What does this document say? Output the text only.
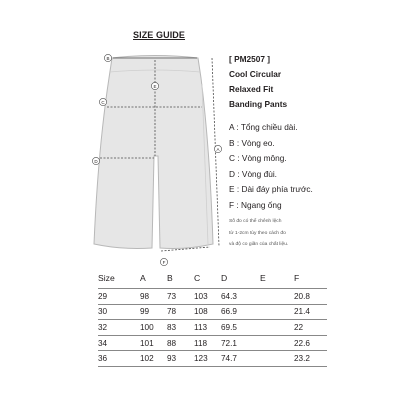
SIZE GUIDE
B
E
C
D
A
F
[ PM2507 ]
Cool Circular
Relaxed Fit
Banding Pants
A : Tổng chiều dài.
B : Vòng eo.
C : Vòng mông.
D : Vòng đùi.
E : Dài đáy phía trước.
F : Ngang ống
Số đo có thể chênh lệch
từ 1-2cm tùy theo cách đo
và độ co giãn của chất liệu.
Size	A	B	C	D	E	F
29	98	73	103	64.3		20.8
30	99	78	108	66.9		21.4
32	100	83	113	69.5		22
34	101	88	118	72.1		22.6
36	102	93	123	74.7		23.2
